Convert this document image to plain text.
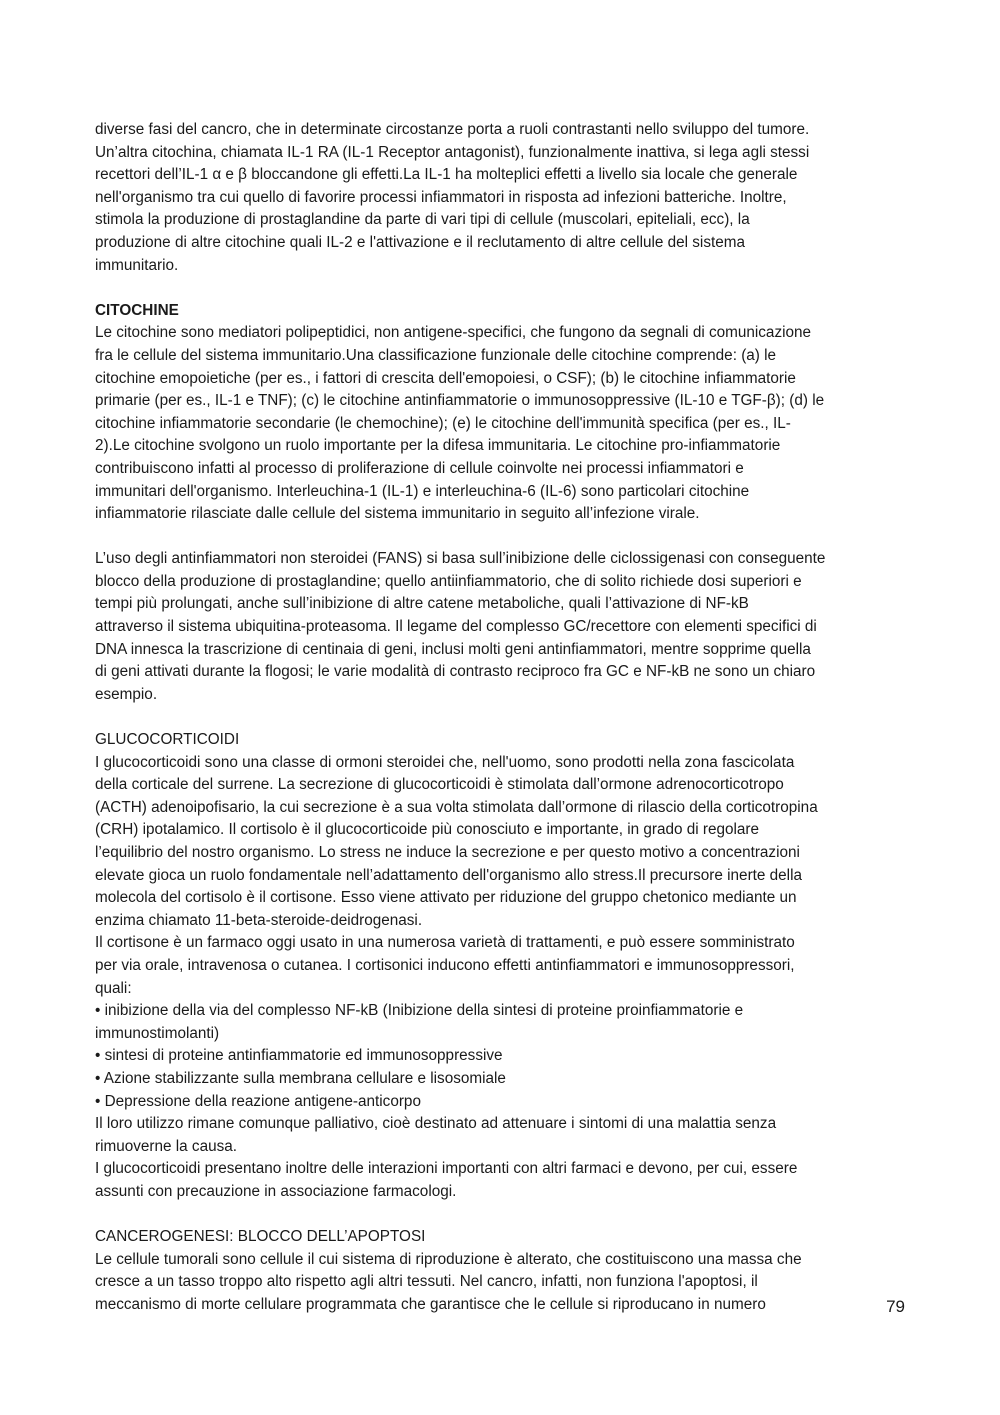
diverse fasi del cancro, che in determinate circostanze porta a ruoli contrastanti nello sviluppo del tumore.
Un’altra citochina, chiamata IL-1 RA (IL-1 Receptor antagonist), funzionalmente inattiva, si lega agli stessi
recettori dell’IL-1 α e β bloccandone gli effetti.La IL-1 ha molteplici effetti a livello sia locale che generale
nell'organismo tra cui quello di favorire processi infiammatori in risposta ad infezioni batteriche. Inoltre,
stimola la produzione di prostaglandine da parte di vari tipi di cellule (muscolari, epiteliali, ecc), la
produzione di altre citochine quali IL-2 e l'attivazione e il reclutamento di altre cellule del sistema
immunitario.
CITOCHINE
Le citochine sono mediatori polipeptidici, non antigene-specifici, che fungono da segnali di comunicazione
fra le cellule del sistema immunitario.Una classificazione funzionale delle citochine comprende: (a) le
citochine emopoietiche (per es., i fattori di crescita dell'emopoiesi, o CSF); (b) le citochine infiammatorie
primarie (per es., IL-1 e TNF); (c) le citochine antinfiammatorie o immunosoppressive (IL-10 e TGF-β); (d) le
citochine infiammatorie secondarie (le chemochine); (e) le citochine dell'immunità specifica (per es., IL-
2).Le citochine svolgono un ruolo importante per la difesa immunitaria. Le citochine pro-infiammatorie
contribuiscono infatti al processo di proliferazione di cellule coinvolte nei processi infiammatori e
immunitari dell'organismo. Interleuchina-1 (IL-1) e interleuchina-6 (IL-6) sono particolari citochine
infiammatorie rilasciate dalle cellule del sistema immunitario in seguito all’infezione virale.
L’uso degli antinfiammatori non steroidei (FANS) si basa sull’inibizione delle ciclossigenasi con conseguente
blocco della produzione di prostaglandine; quello antiinfiammatorio, che di solito richiede dosi superiori e
tempi più prolungati, anche sull’inibizione di altre catene metaboliche, quali l’attivazione di NF-kB
attraverso il sistema ubiquitina-proteasoma. Il legame del complesso GC/recettore con elementi specifici di
DNA innesca la trascrizione di centinaia di geni, inclusi molti geni antinfiammatori, mentre sopprime quella
di geni attivati durante la flogosi; le varie modalità di contrasto reciproco fra GC e NF-kB ne sono un chiaro
esempio.
GLUCOCORTICOIDI
I glucocorticoidi sono una classe di ormoni steroidei che, nell'uomo, sono prodotti nella zona fascicolata
della corticale del surrene. La secrezione di glucocorticoidi è stimolata dall’ormone adrenocorticotropo
(ACTH) adenoipofisario, la cui secrezione è a sua volta stimolata dall’ormone di rilascio della corticotropina
(CRH) ipotalamico. Il cortisolo è il glucocorticoide più conosciuto e importante, in grado di regolare
l’equilibrio del nostro organismo. Lo stress ne induce la secrezione e per questo motivo a concentrazioni
elevate gioca un ruolo fondamentale nell’adattamento dell'organismo allo stress.Il precursore inerte della
molecola del cortisolo è il cortisone. Esso viene attivato per riduzione del gruppo chetonico mediante un
enzima chiamato 11-beta-steroide-deidrogenasi.
Il cortisone è un farmaco oggi usato in una numerosa varietà di trattamenti, e può essere somministrato
per via orale, intravenosa o cutanea. I cortisonici inducono effetti antinfiammatori e immunosoppressori,
quali:
• inibizione della via del complesso NF-kB (Inibizione della sintesi di proteine proinfiammatorie e
immunostimolanti)
• sintesi di proteine antinfiammatorie ed immunosoppressive
• Azione stabilizzante sulla membrana cellulare e lisosomiale
• Depressione della reazione antigene-anticorpo
Il loro utilizzo rimane comunque palliativo, cioè destinato ad attenuare i sintomi di una malattia senza
rimuoverne la causa.
I glucocorticoidi presentano inoltre delle interazioni importanti con altri farmaci e devono, per cui, essere
assunti con precauzione in associazione farmacologi.
CANCEROGENESI: BLOCCO DELL’APOPTOSI
Le cellule tumorali sono cellule il cui sistema di riproduzione è alterato, che costituiscono una massa che
cresce a un tasso troppo alto rispetto agli altri tessuti. Nel cancro, infatti, non funziona l'apoptosi, il
meccanismo di morte cellulare programmata che garantisce che le cellule si riproducano in numero	79
